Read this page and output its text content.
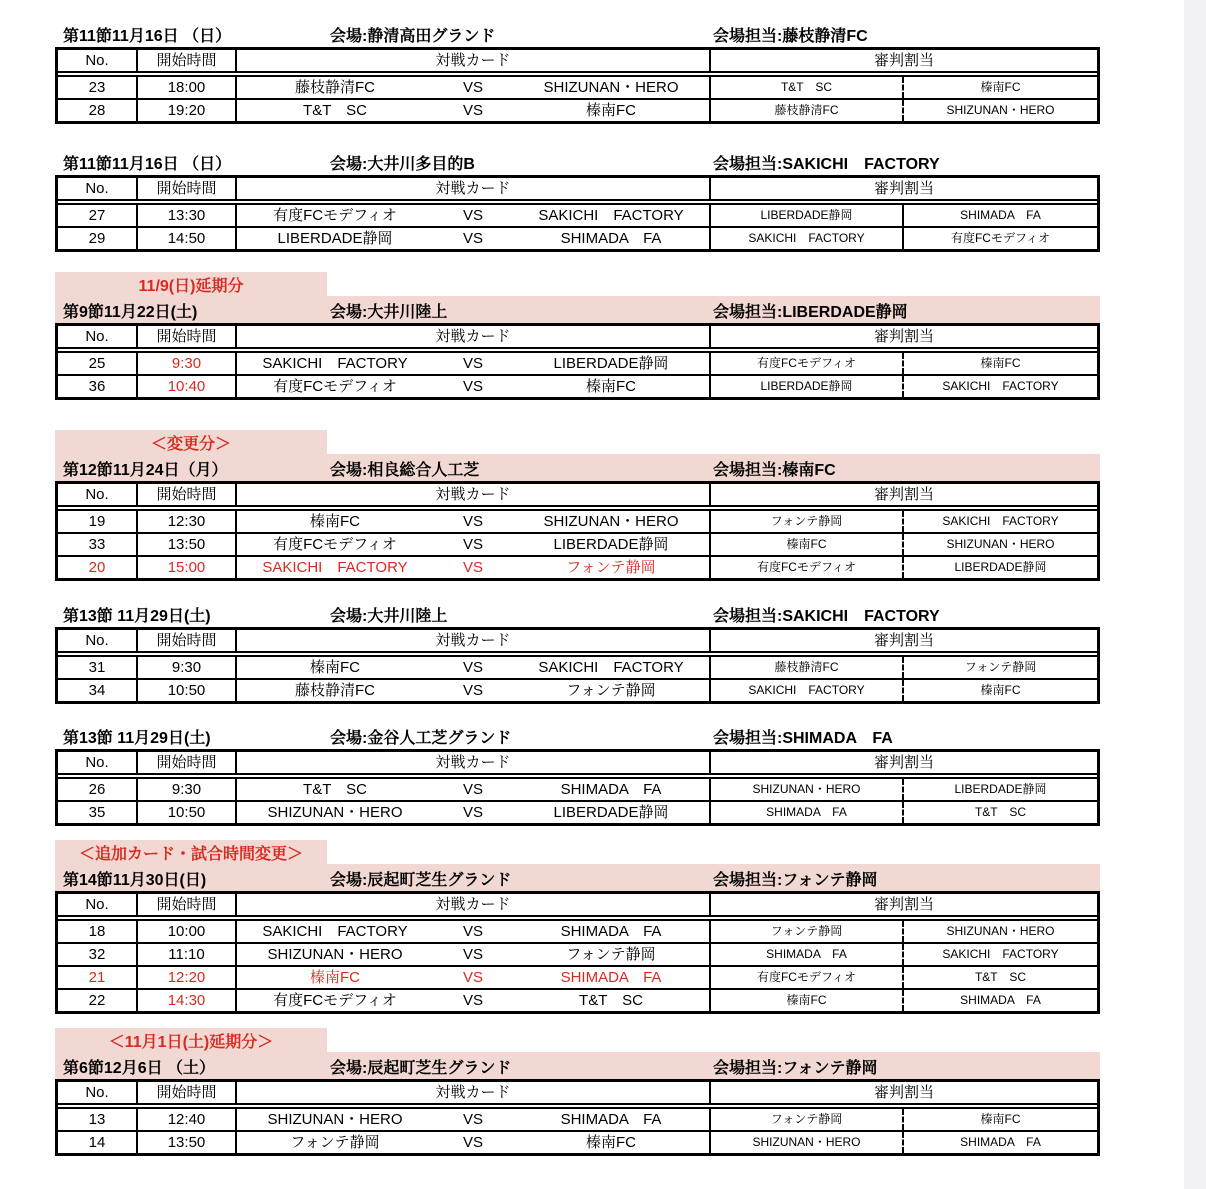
第11節11月16日 （日）	会場:静清高田グランド	会場担当:藤枝静清FC
No.	開始時間	対戦カード	審判割当
23	18:00	藤枝静清FC	VS	SHIZUNAN・HERO	T&T　SC	榛南FC
28	19:20	T&T　SC	VS	榛南FC	藤枝静清FC	SHIZUNAN・HERO
第11節11月16日 （日）	会場:大井川多目的B	会場担当:SAKICHI　FACTORY
No.	開始時間	対戦カード	審判割当
27	13:30	有度FCモデフィオ	VS	SAKICHI　FACTORY	LIBERDADE静岡	SHIMADA　FA
29	14:50	LIBERDADE静岡	VS	SHIMADA　FA	SAKICHI　FACTORY	有度FCモデフィオ
11/9(日)延期分
第9節11月22日(土)	会場:大井川陸上	会場担当:LIBERDADE静岡
No.	開始時間	対戦カード	審判割当
25	9:30	SAKICHI　FACTORY	VS	LIBERDADE静岡	有度FCモデフィオ	榛南FC
36	10:40	有度FCモデフィオ	VS	榛南FC	LIBERDADE静岡	SAKICHI　FACTORY
＜変更分＞
第12節11月24日（月）	会場:相良総合人工芝	会場担当:榛南FC
No.	開始時間	対戦カード	審判割当
19	12:30	榛南FC	VS	SHIZUNAN・HERO	フォンテ静岡	SAKICHI　FACTORY
33	13:50	有度FCモデフィオ	VS	LIBERDADE静岡	榛南FC	SHIZUNAN・HERO
20	15:00	SAKICHI　FACTORY	VS	フォンテ静岡	有度FCモデフィオ	LIBERDADE静岡
第13節 11月29日(土)	会場:大井川陸上	会場担当:SAKICHI　FACTORY
No.	開始時間	対戦カード	審判割当
31	9:30	榛南FC	VS	SAKICHI　FACTORY	藤枝静清FC	フォンテ静岡
34	10:50	藤枝静清FC	VS	フォンテ静岡	SAKICHI　FACTORY	榛南FC
第13節 11月29日(土)	会場:金谷人工芝グランド	会場担当:SHIMADA　FA
No.	開始時間	対戦カード	審判割当
26	9:30	T&T　SC	VS	SHIMADA　FA	SHIZUNAN・HERO	LIBERDADE静岡
35	10:50	SHIZUNAN・HERO	VS	LIBERDADE静岡	SHIMADA　FA	T&T　SC
＜追加カード・試合時間変更＞
第14節11月30日(日)	会場:辰起町芝生グランド	会場担当:フォンテ静岡
No.	開始時間	対戦カード	審判割当
18	10:00	SAKICHI　FACTORY	VS	SHIMADA　FA	フォンテ静岡	SHIZUNAN・HERO
32	11:10	SHIZUNAN・HERO	VS	フォンテ静岡	SHIMADA　FA	SAKICHI　FACTORY
21	12:20	榛南FC	VS	SHIMADA　FA	有度FCモデフィオ	T&T　SC
22	14:30	有度FCモデフィオ	VS	T&T　SC	榛南FC	SHIMADA　FA
＜11月1日(土)延期分＞
第6節12月6日 （土）	会場:辰起町芝生グランド	会場担当:フォンテ静岡
No.	開始時間	対戦カード	審判割当
13	12:40	SHIZUNAN・HERO	VS	SHIMADA　FA	フォンテ静岡	榛南FC
14	13:50	フォンテ静岡	VS	榛南FC	SHIZUNAN・HERO	SHIMADA　FA
